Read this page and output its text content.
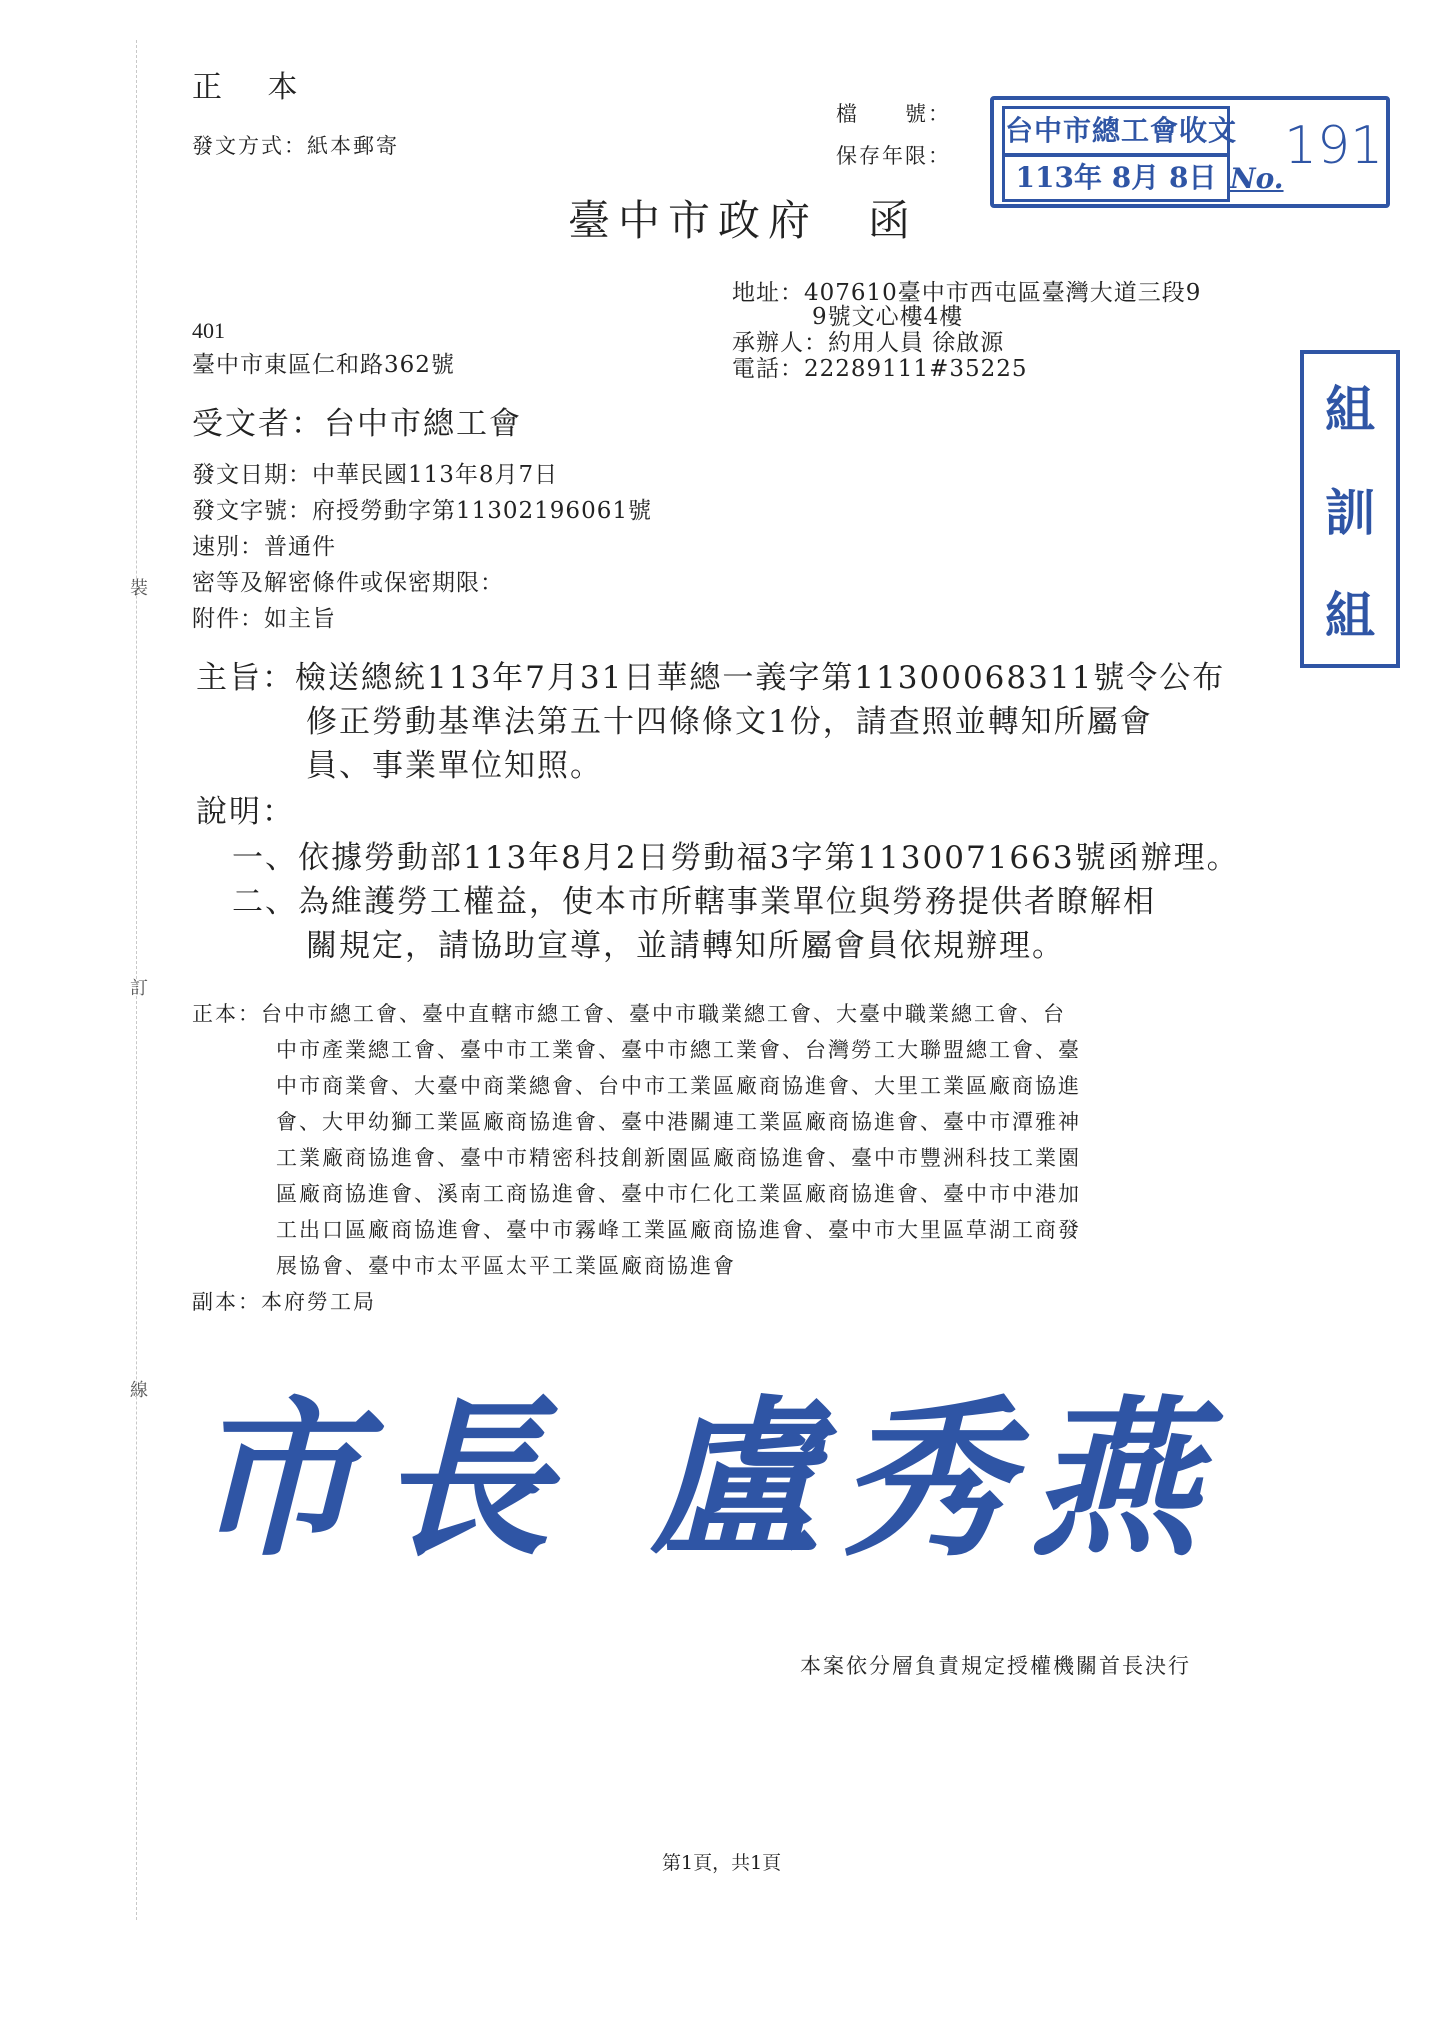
裝
訂
線
正 本
發文方式：紙本郵寄
檔　　號：
保存年限：
台中市總工會收文
113年 8月 8日 No.
191
臺中市政府　函
地址：407610臺中市西屯區臺灣大道三段9
9號文心樓4樓
承辦人：約用人員 徐啟源
電話：22289111#35225
401
臺中市東區仁和路362號
組
訓
組
受文者：台中市總工會
發文日期：中華民國113年8月7日
發文字號：府授勞動字第11302196061號
速別：普通件
密等及解密條件或保密期限：
附件：如主旨
主旨：檢送總統113年7月31日華總一義字第11300068311號令公布
修正勞動基準法第五十四條條文1份，請查照並轉知所屬會
員、事業單位知照。
說明：
一、依據勞動部113年8月2日勞動福3字第1130071663號函辦理。
二、為維護勞工權益，使本市所轄事業單位與勞務提供者瞭解相
關規定，請協助宣導，並請轉知所屬會員依規辦理。
正本：台中市總工會、臺中直轄市總工會、臺中市職業總工會、大臺中職業總工會、台
中市產業總工會、臺中市工業會、臺中市總工業會、台灣勞工大聯盟總工會、臺
中市商業會、大臺中商業總會、台中市工業區廠商協進會、大里工業區廠商協進
會、大甲幼獅工業區廠商協進會、臺中港關連工業區廠商協進會、臺中市潭雅神
工業廠商協進會、臺中市精密科技創新園區廠商協進會、臺中市豐洲科技工業園
區廠商協進會、溪南工商協進會、臺中市仁化工業區廠商協進會、臺中市中港加
工出口區廠商協進會、臺中市霧峰工業區廠商協進會、臺中市大里區草湖工商發
展協會、臺中市太平區太平工業區廠商協進會
副本：本府勞工局
市長 盧秀燕
本案依分層負責規定授權機關首長決行
第1頁，共1頁
